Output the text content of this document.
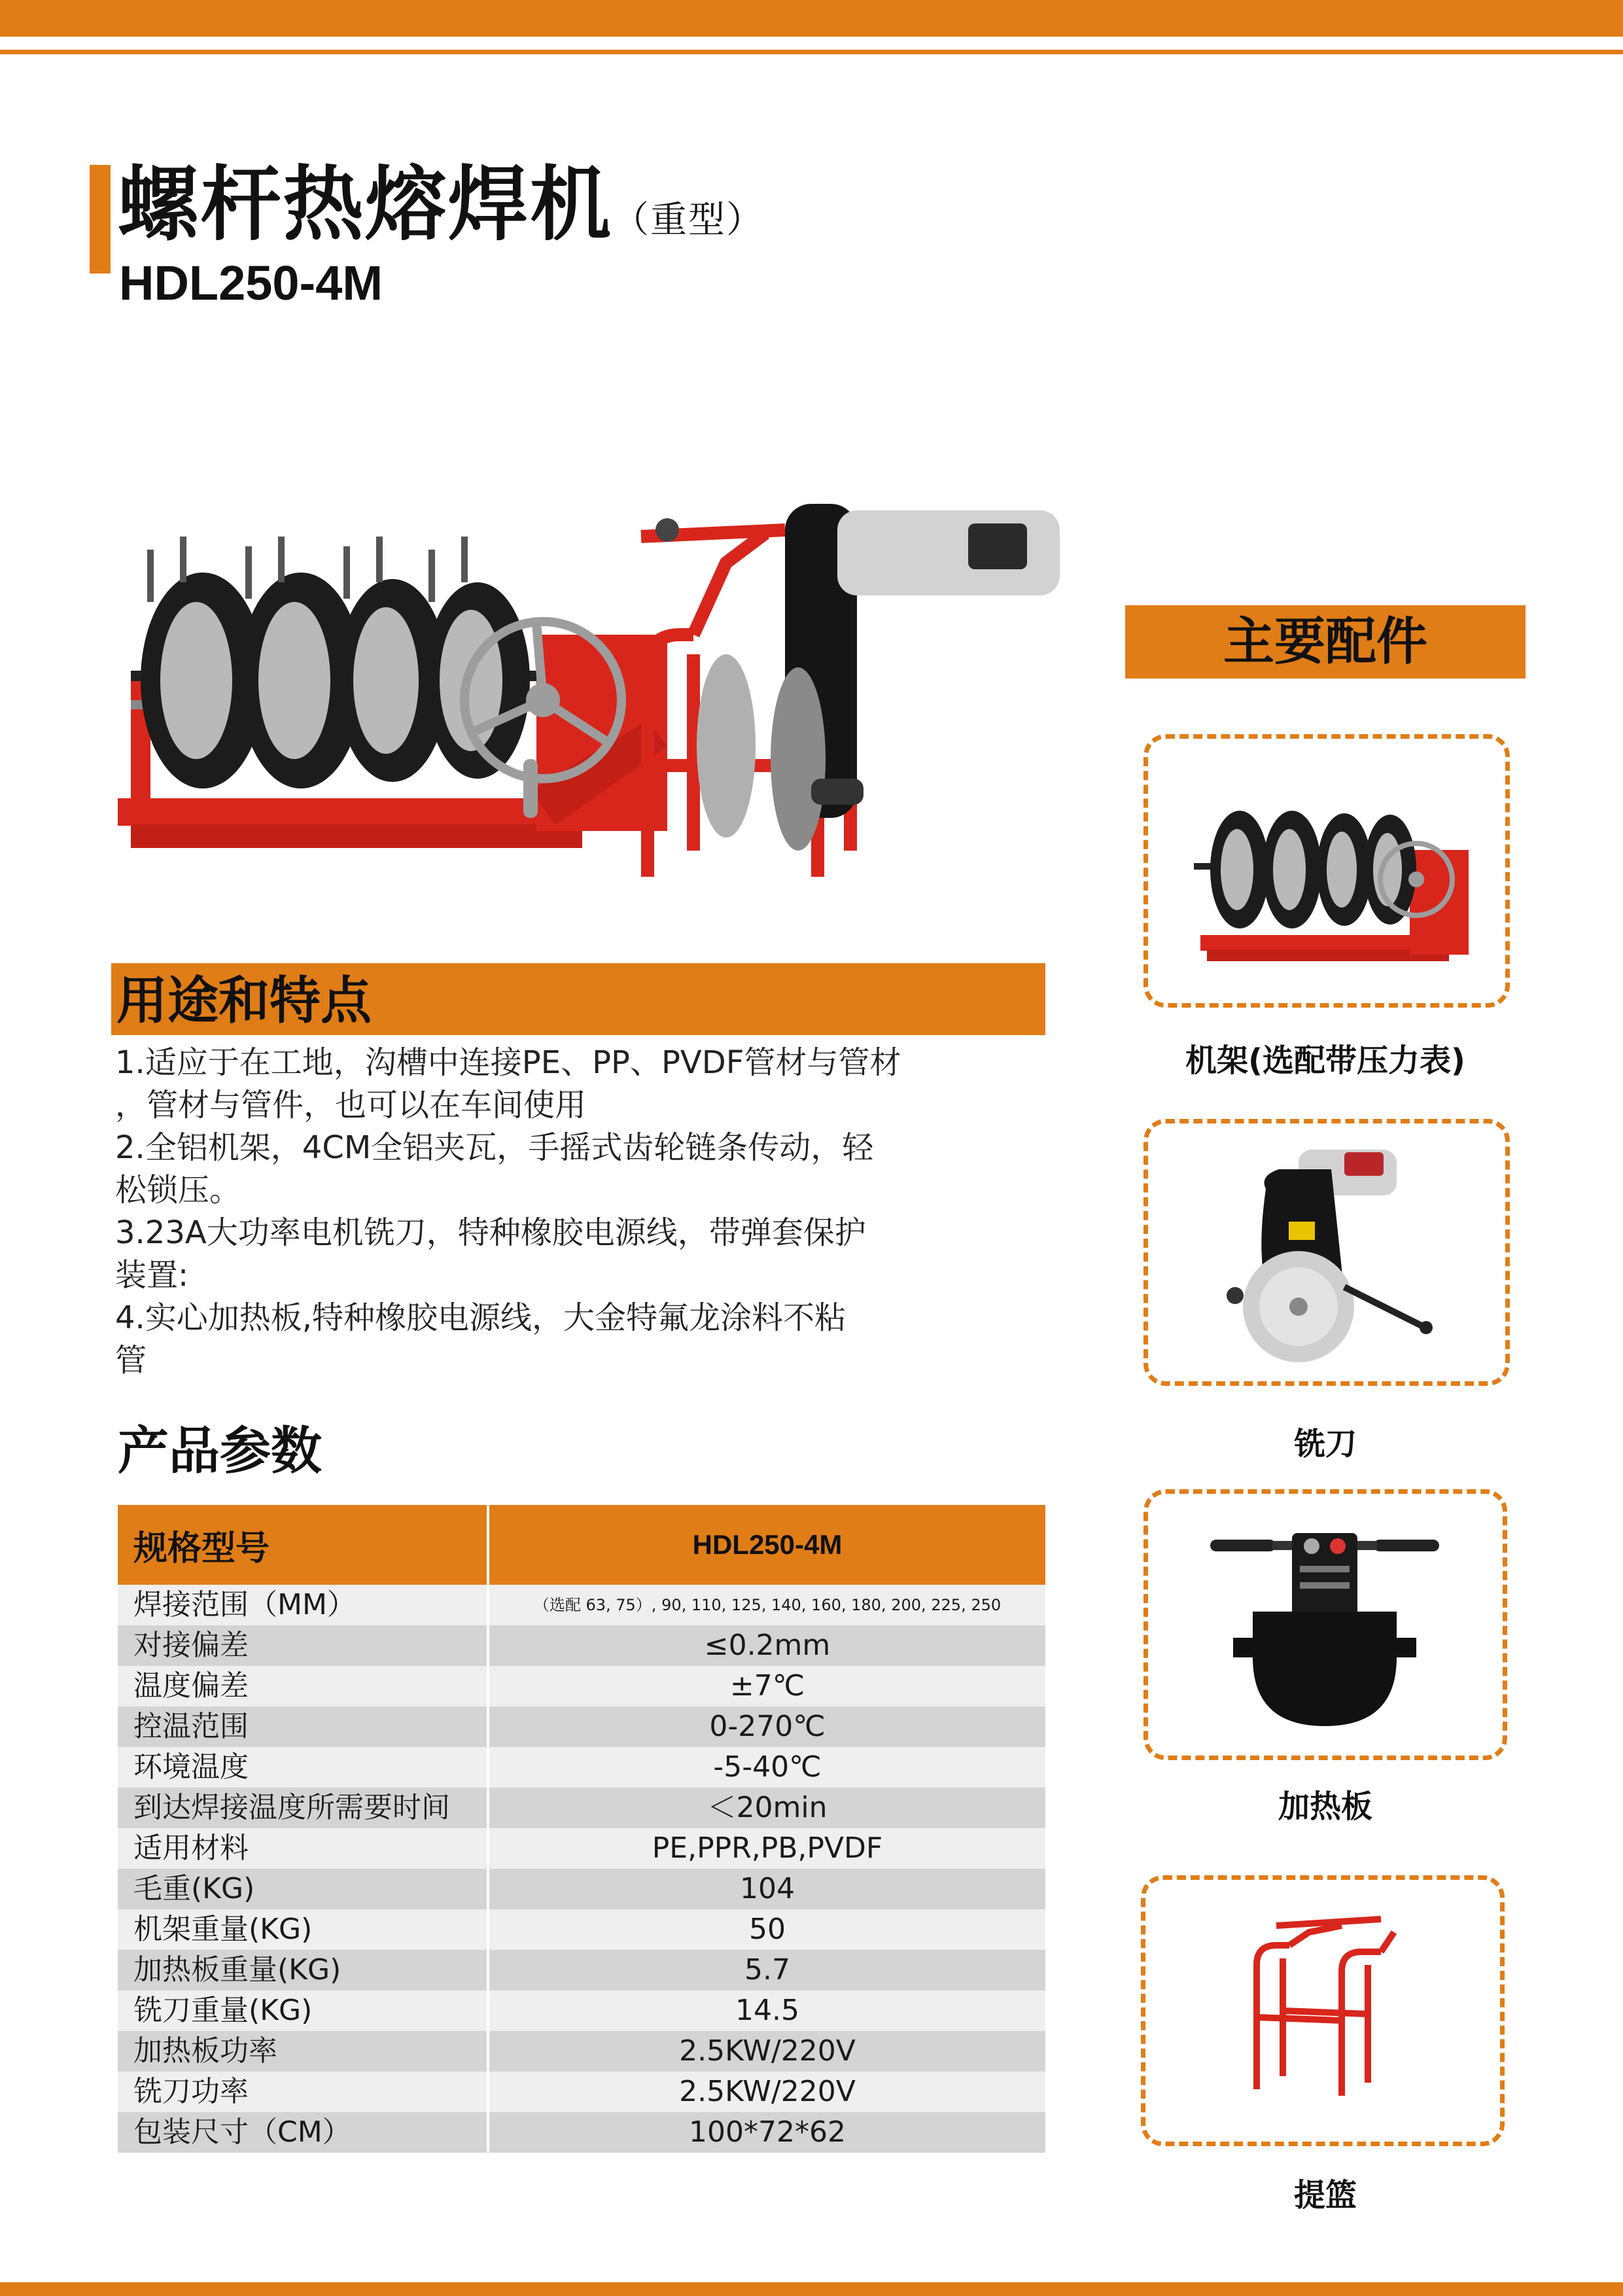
螺杆热熔焊机（重型）
HDL250-4M
用途和特点

1.适应于在工地，沟槽中连接PE、PP、PVDF管材与管材

，管材与管件，也可以在车间使用

2.全铝机架，4CM全铝夹瓦，手摇式齿轮链条传动，轻

松锁压。

3.23A大功率电机铣刀，特种橡胶电源线，带弹套保护

装置:

4.实心加热板,特种橡胶电源线，大金特氟龙涂料不粘

管

产品参数
规格型号	HDL250-4M
焊接范围（MM）	（选配 63, 75）, 90, 110, 125, 140, 160, 180, 200, 225, 250
对接偏差	≤0.2mm
温度偏差	±7℃
控温范围	0-270℃
环境温度	-5-40℃
到达焊接温度所需要时间	＜20min
适用材料	PE,PPR,PB,PVDF
毛重(KG)	104
机架重量(KG)	50
加热板重量(KG)	5.7
铣刀重量(KG)	14.5
加热板功率	2.5KW/220V
铣刀功率	2.5KW/220V
包装尺寸（CM）	100*72*62
主要配件
机架(选配带压力表)
铣刀
加热板
提篮
